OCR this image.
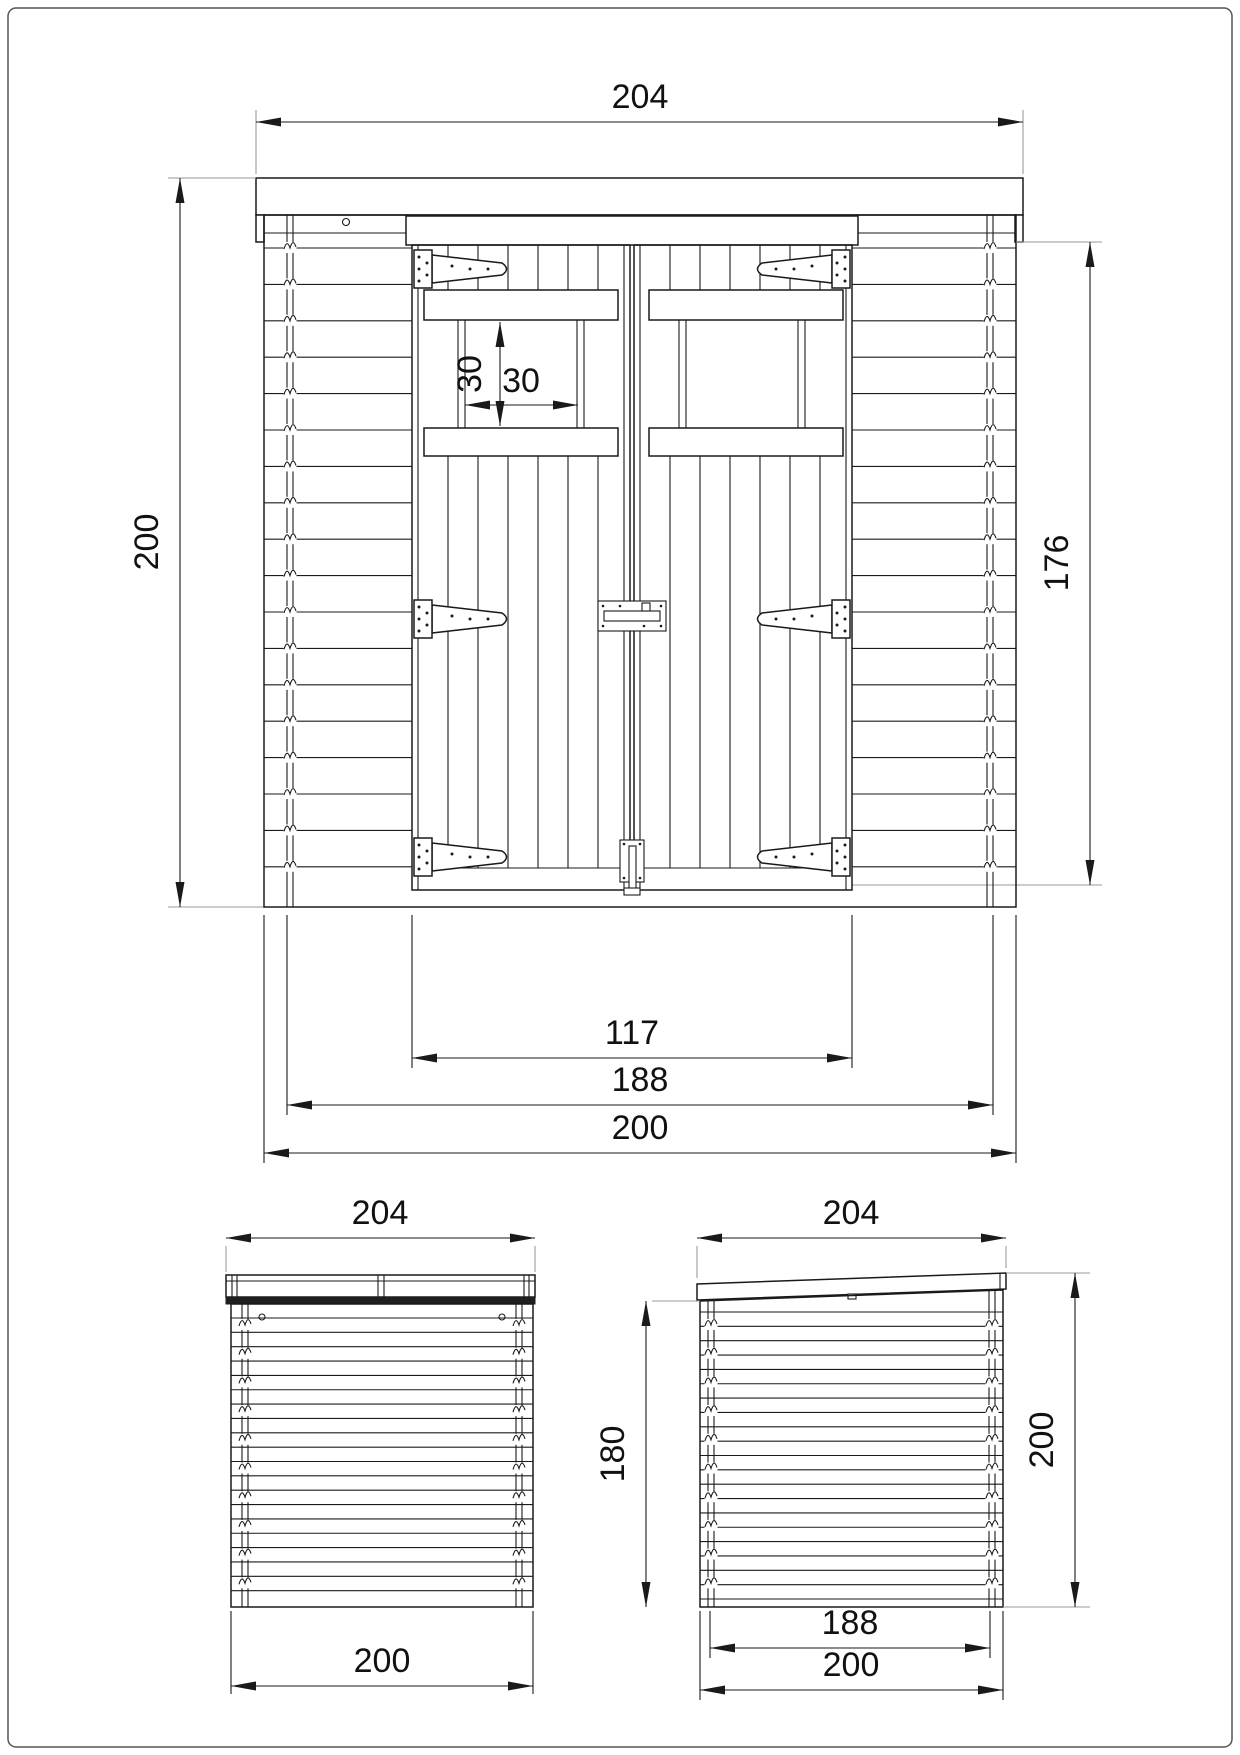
30 30
204
200	176
117
188
200
204
200
204
180	200
188
200
